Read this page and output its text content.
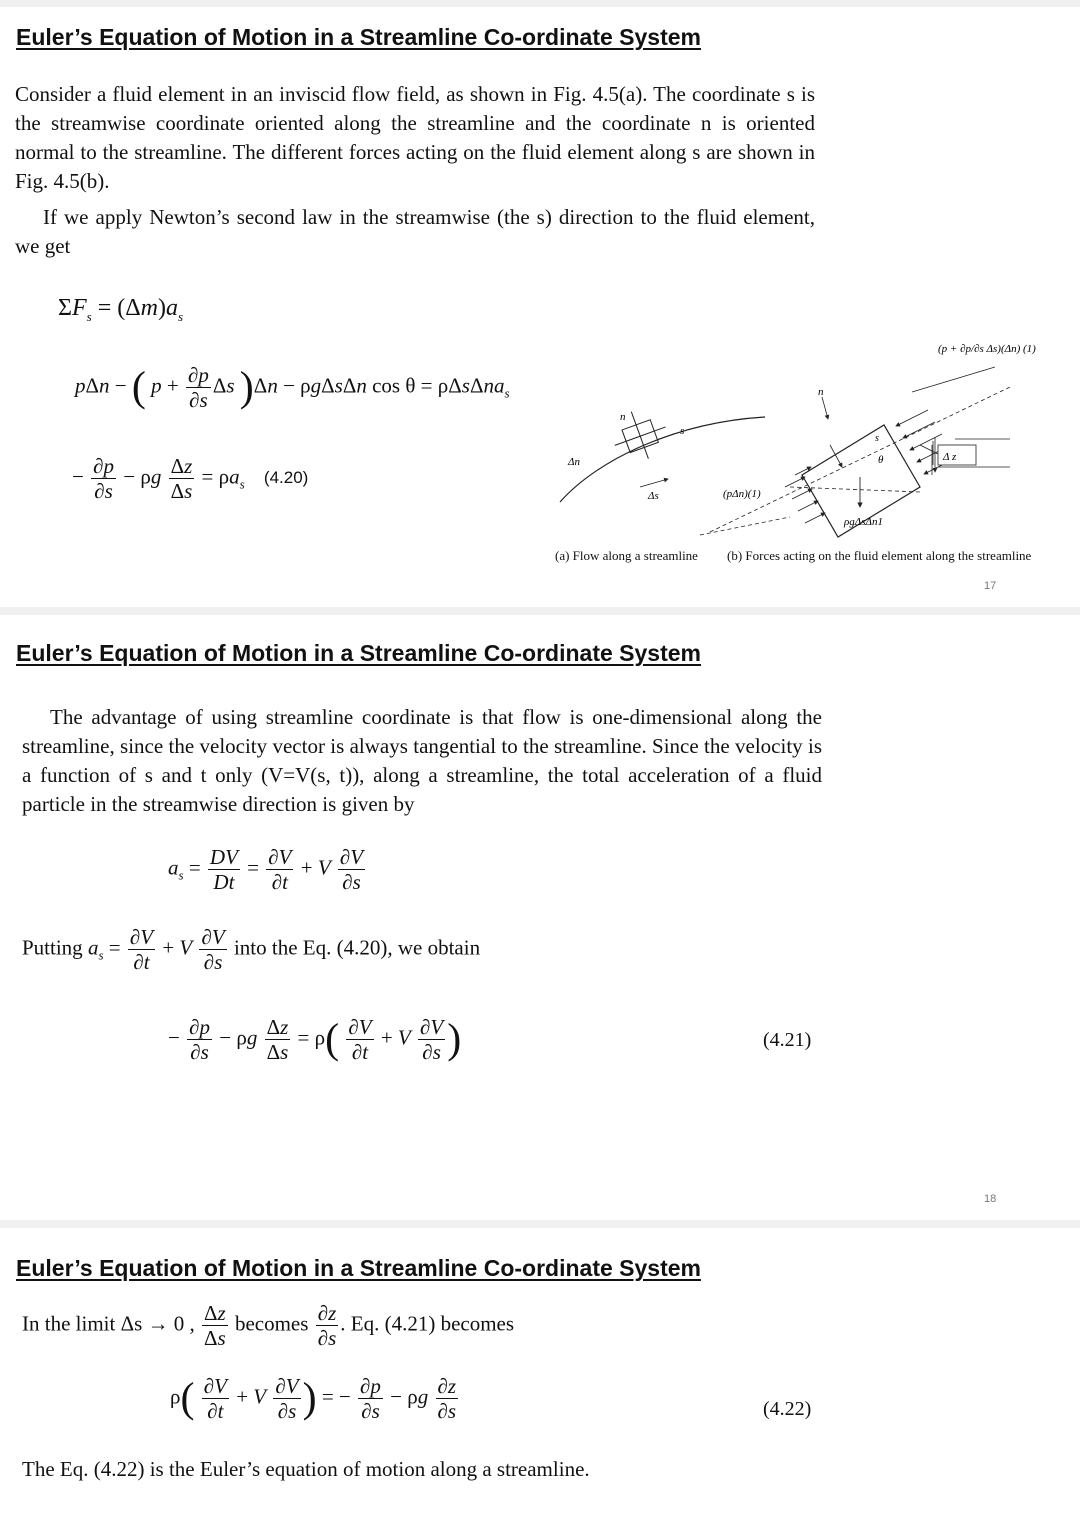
Euler’s Equation of Motion in a Streamline Co-ordinate System
Consider a fluid element in an inviscid flow field, as shown in Fig. 4.5(a). The coordinate s is the streamwise coordinate oriented along the streamline and the coordinate n is oriented normal to the streamline. The different forces acting on the fluid element along s are shown in Fig. 4.5(b).
If we apply Newton’s second law in the streamwise (the s) direction to the fluid element, we get
$\Sigma F_s = (\Delta m)a_s$
pΔn − ( $p + \frac{\partial p}{\partial s}$ Δs )Δn − ρgΔsΔn cos θ = ρΔsΔna$_s$
− $\frac{\partial p}{\partial s} - \rho g \frac{\Delta z}{\Delta s} = \rho a_s$ (4.20)
Δn
n
s
Δs
n
s
θ	Δ z
(pΔn)(1)
ρgΔsΔn1
(p + ∂p/∂s Δs)(Δn) (1)
(a) Flow along a streamline (b) Forces acting on the fluid element along the streamline
17
Euler’s Equation of Motion in a Streamline Co-ordinate System
The advantage of using streamline coordinate is that flow is one-dimensional along the streamline, since the velocity vector is always tangential to the streamline. Since the velocity is a function of s and t only (V=V(s, t)), along a streamline, the total acceleration of a fluid particle in the streamwise direction is given by
$a_s = \frac{DV}{Dt} = \frac{\partial V}{\partial t} + V \frac{\partial V}{\partial s}$
Putting $a_s = \frac{\partial V}{\partial t} + V \frac{\partial V}{\partial s}$ into the Eq. (4.20), we obtain
− $\frac{\partial p}{\partial s} - \rho g \frac{\Delta z}{\Delta s} = \rho( \frac{\partial V}{\partial t} + V \frac{\partial V}{\partial s}$ )	(4.21)
18
Euler’s Equation of Motion in a Streamline Co-ordinate System
In the limit Δs → 0 , $\frac{\Delta z}{\Delta s}$ becomes $\frac{\partial z}{\partial s}$ . Eq. (4.21) becomes
$\rho( \frac{\partial V}{\partial t} + V \frac{\partial V}{\partial s}$ ) = − $\frac{\partial p}{\partial s} - \rho g \frac{\partial z}{\partial s}$	(4.22)
The Eq. (4.22) is the Euler’s equation of motion along a streamline.
